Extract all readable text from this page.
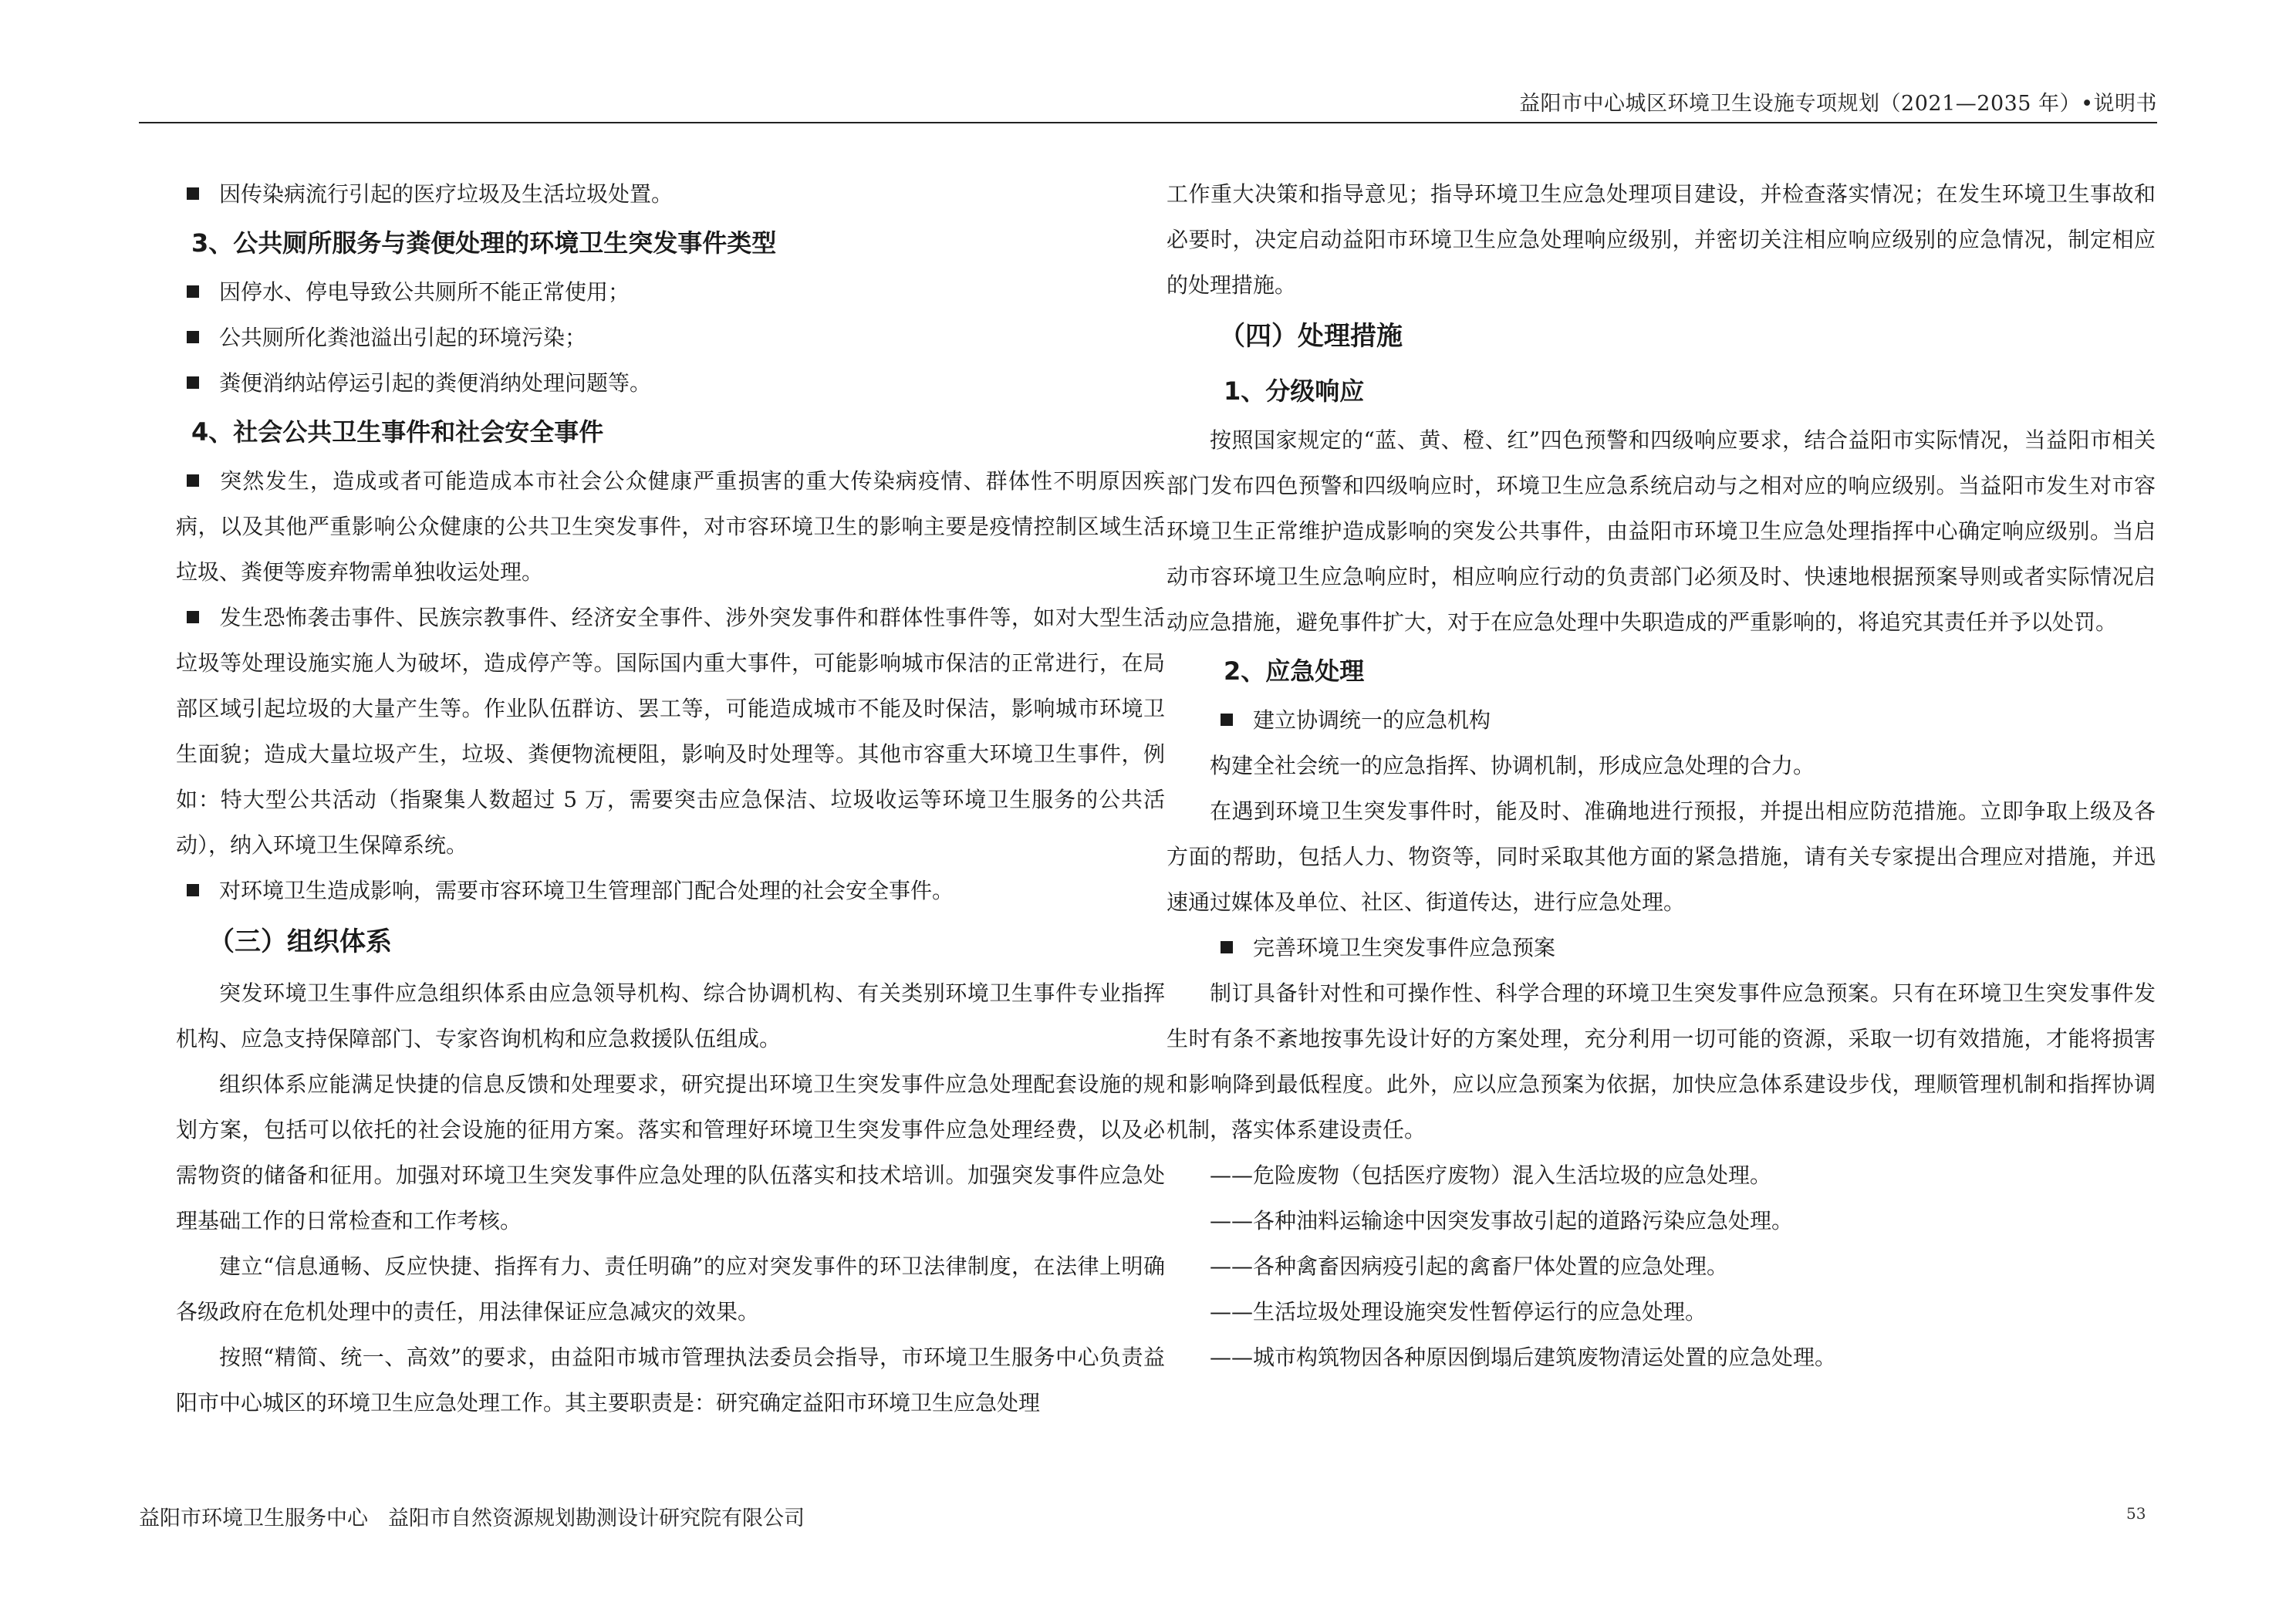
益阳市中心城区环境卫生设施专项规划（2021—2035 年）•说明书

因传染病流行引起的医疗垃圾及生活垃圾处置。

3、公共厕所服务与粪便处理的环境卫生突发事件类型

因停水、停电导致公共厕所不能正常使用；

公共厕所化粪池溢出引起的环境污染；

粪便消纳站停运引起的粪便消纳处理问题等。

4、社会公共卫生事件和社会安全事件

突然发生，造成或者可能造成本市社会公众健康严重损害的重大传染病疫情、群体性不明原因疾病，以及其他严重影响公众健康的公共卫生突发事件，对市容环境卫生的影响主要是疫情控制区域生活垃圾、粪便等废弃物需单独收运处理。

发生恐怖袭击事件、民族宗教事件、经济安全事件、涉外突发事件和群体性事件等，如对大型生活垃圾等处理设施实施人为破坏，造成停产等。国际国内重大事件，可能影响城市保洁的正常进行，在局部区域引起垃圾的大量产生等。作业队伍群访、罢工等，可能造成城市不能及时保洁，影响城市环境卫生面貌；造成大量垃圾产生，垃圾、粪便物流梗阻，影响及时处理等。其他市容重大环境卫生事件，例如：特大型公共活动（指聚集人数超过 5 万，需要突击应急保洁、垃圾收运等环境卫生服务的公共活动），纳入环境卫生保障系统。

对环境卫生造成影响，需要市容环境卫生管理部门配合处理的社会安全事件。

（三）组织体系

突发环境卫生事件应急组织体系由应急领导机构、综合协调机构、有关类别环境卫生事件专业指挥机构、应急支持保障部门、专家咨询机构和应急救援队伍组成。

组织体系应能满足快捷的信息反馈和处理要求，研究提出环境卫生突发事件应急处理配套设施的规划方案，包括可以依托的社会设施的征用方案。落实和管理好环境卫生突发事件应急处理经费，以及必需物资的储备和征用。加强对环境卫生突发事件应急处理的队伍落实和技术培训。加强突发事件应急处理基础工作的日常检查和工作考核。

建立“信息通畅、反应快捷、指挥有力、责任明确”的应对突发事件的环卫法律制度，在法律上明确各级政府在危机处理中的责任，用法律保证应急减灾的效果。

按照“精简、统一、高效”的要求，由益阳市城市管理执法委员会指导，市环境卫生服务中心负责益阳市中心城区的环境卫生应急处理工作。其主要职责是：研究确定益阳市环境卫生应急处理

工作重大决策和指导意见；指导环境卫生应急处理项目建设，并检查落实情况；在发生环境卫生事故和必要时，决定启动益阳市环境卫生应急处理响应级别，并密切关注相应响应级别的应急情况，制定相应的处理措施。

（四）处理措施

1、分级响应

按照国家规定的“蓝、黄、橙、红”四色预警和四级响应要求，结合益阳市实际情况，当益阳市相关部门发布四色预警和四级响应时，环境卫生应急系统启动与之相对应的响应级别。当益阳市发生对市容环境卫生正常维护造成影响的突发公共事件，由益阳市环境卫生应急处理指挥中心确定响应级别。当启动市容环境卫生应急响应时，相应响应行动的负责部门必须及时、快速地根据预案导则或者实际情况启动应急措施，避免事件扩大，对于在应急处理中失职造成的严重影响的，将追究其责任并予以处罚。

2、应急处理

建立协调统一的应急机构

构建全社会统一的应急指挥、协调机制，形成应急处理的合力。

在遇到环境卫生突发事件时，能及时、准确地进行预报，并提出相应防范措施。立即争取上级及各方面的帮助，包括人力、物资等，同时采取其他方面的紧急措施，请有关专家提出合理应对措施，并迅速通过媒体及单位、社区、街道传达，进行应急处理。

完善环境卫生突发事件应急预案

制订具备针对性和可操作性、科学合理的环境卫生突发事件应急预案。只有在环境卫生突发事件发生时有条不紊地按事先设计好的方案处理，充分利用一切可能的资源，采取一切有效措施，才能将损害和影响降到最低程度。此外，应以应急预案为依据，加快应急体系建设步伐，理顺管理机制和指挥协调机制，落实体系建设责任。

——危险废物（包括医疗废物）混入生活垃圾的应急处理。

——各种油料运输途中因突发事故引起的道路污染应急处理。

——各种禽畜因病疫引起的禽畜尸体处置的应急处理。

——生活垃圾处理设施突发性暂停运行的应急处理。

——城市构筑物因各种原因倒塌后建筑废物清运处置的应急处理。

益阳市环境卫生服务中心 益阳市自然资源规划勘测设计研究院有限公司	53
